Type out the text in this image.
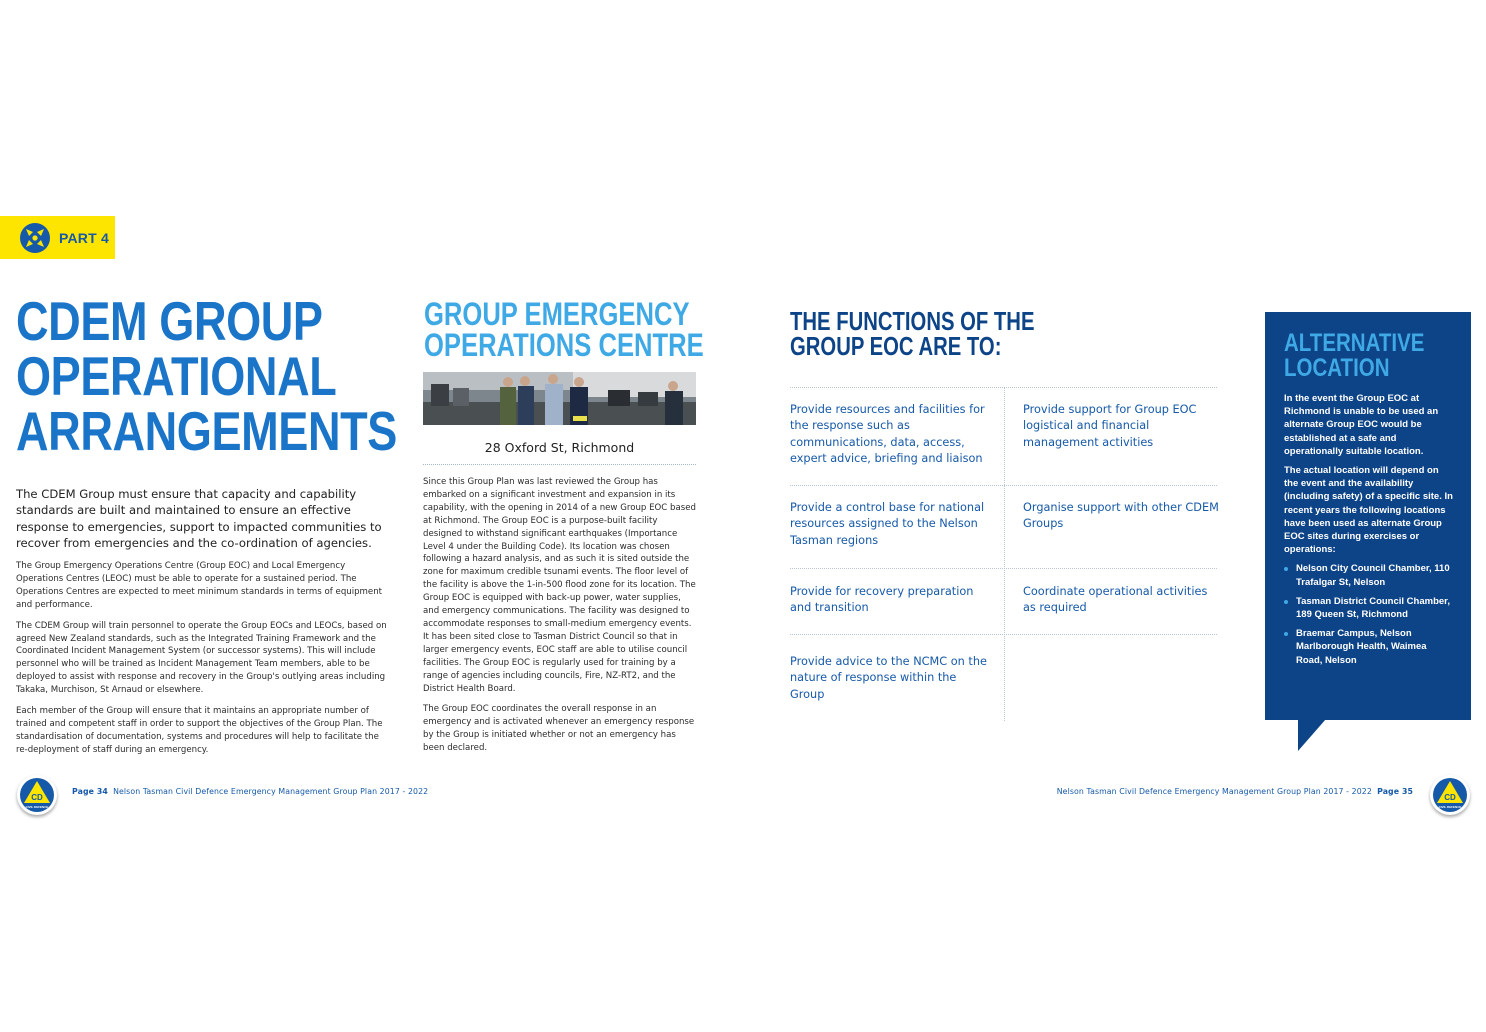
PART 4
CDEM GROUP
OPERATIONAL
ARRANGEMENTS
The CDEM Group must ensure that capacity and capability standards are built and maintained to ensure an effective response to emergencies, support to impacted communities to recover from emergencies and the co-ordination of agencies.

The Group Emergency Operations Centre (Group EOC) and Local Emergency Operations Centres (LEOC) must be able to operate for a sustained period. The Operations Centres are expected to meet minimum standards in terms of equipment and performance.

The CDEM Group will train personnel to operate the Group EOCs and LEOCs, based on agreed New Zealand standards, such as the Integrated Training Framework and the Coordinated Incident Management System (or successor systems). This will include personnel who will be trained as Incident Management Team members, able to be deployed to assist with response and recovery in the Group's outlying areas including Takaka, Murchison, St Arnaud or elsewhere.

Each member of the Group will ensure that it maintains an appropriate number of trained and competent staff in order to support the objectives of the Group Plan. The standardisation of documentation, systems and procedures will help to facilitate the re-deployment of staff during an emergency.

GROUP EMERGENCY
OPERATIONS CENTRE
28 Oxford St, Richmond

Since this Group Plan was last reviewed the Group has embarked on a significant investment and expansion in its capability, with the opening in 2014 of a new Group EOC based at Richmond. The Group EOC is a purpose-built facility designed to withstand significant earthquakes (Importance Level 4 under the Building Code). Its location was chosen following a hazard analysis, and as such it is sited outside the zone for maximum credible tsunami events. The floor level of the facility is above the 1-in-500 flood zone for its location. The Group EOC is equipped with back-up power, water supplies, and emergency communications. The facility was designed to accommodate responses to small-medium emergency events. It has been sited close to Tasman District Council so that in larger emergency events, EOC staff are able to utilise council facilities. The Group EOC is regularly used for training by a range of agencies including councils, Fire, NZ-RT2, and the District Health Board.

The Group EOC coordinates the overall response in an emergency and is activated whenever an emergency response by the Group is initiated whether or not an emergency has been declared.

THE FUNCTIONS OF THE
GROUP EOC ARE TO:
Provide resources and facilities for the response such as communications, data, access, expert advice, briefing and liaison
Provide support for Group EOC logistical and financial management activities
Provide a control base for national resources assigned to the Nelson Tasman regions
Organise support with other CDEM Groups
Provide for recovery preparation and transition
Coordinate operational activities as required
Provide advice to the NCMC on the nature of response within the Group
ALTERNATIVE
LOCATION

In the event the Group EOC at Richmond is unable to be used an alternate Group EOC would be established at a safe and operationally suitable location.

The actual location will depend on the event and the availability (including safety) of a specific site. In recent years the following locations have been used as alternate Group EOC sites during exercises or operations:

Nelson City Council Chamber, 110 Trafalgar St, Nelson
Tasman District Council Chamber, 189 Queen St, Richmond
Braemar Campus, Nelson Marlborough Health, Waimea Road, Nelson
CD
CIVIL DEFENCE
Page 34 Nelson Tasman Civil Defence Emergency Management Group Plan 2017 - 2022	Nelson Tasman Civil Defence Emergency Management Group Plan 2017 - 2022 Page 35
CD
CIVIL DEFENCE
